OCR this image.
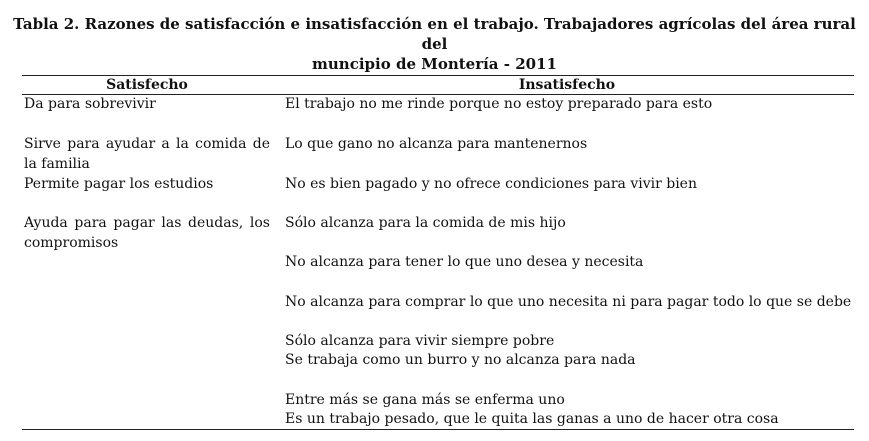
Tabla 2. Razones de satisfacción e insatisfacción en el trabajo. Trabajadores agrícolas del área rural del
muncipio de Montería - 2011
Satisfecho	Insatisfecho
Da para sobrevivir
Sirve para ayudar a la comida de la familia
Permite pagar los estudios
Ayuda para pagar las deudas, los compromisos
El trabajo no me rinde porque no estoy preparado para esto
Lo que gano no alcanza para mantenernos
No es bien pagado y no ofrece condiciones para vivir bien
Sólo alcanza para la comida de mis hijo
No alcanza para tener lo que uno desea y necesita
No alcanza para comprar lo que uno necesita ni para pagar todo lo que se debe
Sólo alcanza para vivir siempre pobre
Se trabaja como un burro y no alcanza para nada
Entre más se gana más se enferma uno
Es un trabajo pesado, que le quita las ganas a uno de hacer otra cosa
